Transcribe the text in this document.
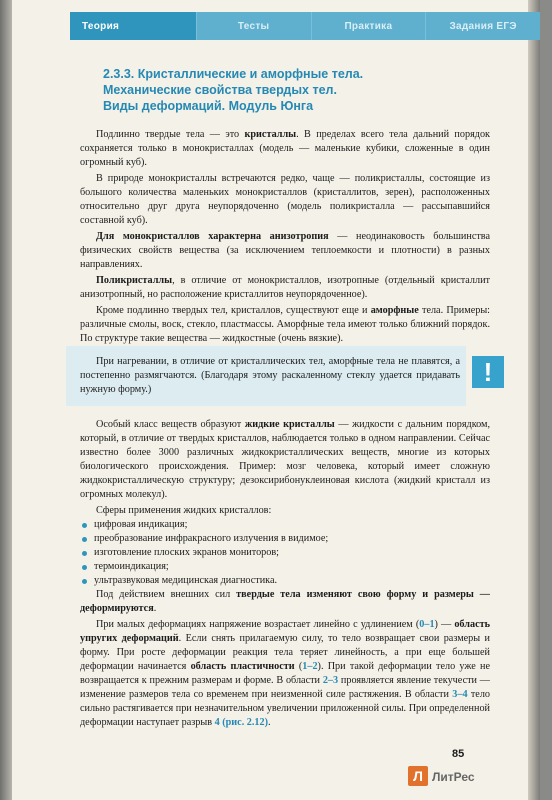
Теория	Тесты	Практика	Задания ЕГЭ
2.3.3. Кристаллические и аморфные тела.
Механические свойства твердых тел.
Виды деформаций. Модуль Юнга

Подлинно твердые тела — это кристаллы. В пределах всего тела дальний порядок сохраняется только в монокристаллах (модель — маленькие кубики, сложенные в один огромный куб).

В природе монокристаллы встречаются редко, чаще — поликристаллы, состоящие из большого количества маленьких монокристаллов (кристаллитов, зерен), расположенных относительно друг друга неупорядоченно (модель поликристалла — рассыпавшийся составной куб).

Для монокристаллов характерна анизотропия — неодинаковость большинства физических свойств вещества (за исключением теплоемкости и плотности) в разных направлениях.

Поликристаллы, в отличие от монокристаллов, изотропные (отдельный кристаллит анизотропный, но расположение кристаллитов неупорядоченное).

Кроме подлинно твердых тел, кристаллов, существуют еще и аморфные тела. Примеры: различные смолы, воск, стекло, пластмассы. Аморфные тела имеют только ближний порядок. По структуре такие вещества — жидкостные (очень вязкие).

При нагревании, в отличие от кристаллических тел, аморфные тела не плавятся, а постепенно размягчаются. (Благодаря этому раскаленному стеклу удается придавать нужную форму.)
!

Особый класс веществ образуют жидкие кристаллы — жидкости с дальним порядком, который, в отличие от твердых кристаллов, наблюдается только в одном направлении. Сейчас известно более 3000 различных жидкокристаллических веществ, многие из которых биологического происхождения. Пример: мозг человека, который имеет сложную жидкокристаллическую структуру; дезоксирибонуклеиновая кислота (жидкий кристалл из огромных молекул).

Сферы применения жидких кристаллов:

цифровая индикация;
преобразование инфракрасного излучения в видимое;
изготовление плоских экранов мониторов;
термоиндикация;
ультразвуковая медицинская диагностика.

Под действием внешних сил твердые тела изменяют свою форму и размеры — деформируются.

При малых деформациях напряжение возрастает линейно с удлинением (0–1) — область упругих деформаций. Если снять прилагаемую силу, то тело возвращает свои размеры и форму. При росте деформации реакция тела теряет линейность, а при еще большей деформации начинается область пластичности (1–2). При такой деформации тело уже не возвращается к прежним размерам и форме. В области 2–3 проявляется явление текучести — изменение размеров тела со временем при неизменной силе растяжения. В области 3–4 тело сильно растягивается при незначительном увеличении приложенной силы. При определенной деформации наступает разрыв 4 (рис. 2.12).

85
Л ЛитРес
